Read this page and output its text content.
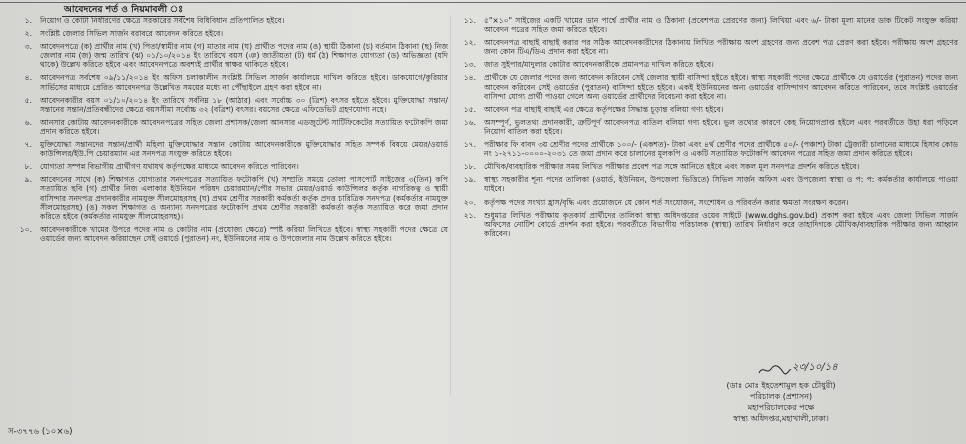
আবেদনের শর্ত ও নিয়মাবলী ঃ
১.	নিয়োগ ও কোটা নির্ধারণের ক্ষেত্রে সরকারের সর্বশেষ বিধিবিধান প্রতিপালিত হইবে।
২.	সংশ্লিষ্ট জেলার সিভিল সার্জন বরাবরে আবেদন করিতে হইবে।
৩.	আবেদনপত্রে (ক) প্রার্থীর নাম (খ) পিতা/স্বামীর নাম (গ) মাতার নাম (ঘ) প্রার্থীত পদের নাম (ঙ) স্থায়ী ঠিকানা (চ) বর্তমান ঠিকানা (ছ) নিজ জেলার নাম (জ) জন্ম তারিখ (ঝ) ০১/১০/২০১৪ ইং তারিখে বয়স (ঞ) জাতীয়তা (ট) ধর্ম (ঠ) শিক্ষাগত যোগ্যতা (ড) অভিজ্ঞতা (যদি থাকে) উল্লেখ করিতে হইবে এবং আবেদনপত্রে অবশ্যই প্রার্থীর স্বাক্ষর থাকিতে হইবে।
৪.	আবেদনপত্র সর্বশেষ ০৯/১১/২০১৪ ইং অফিস চলাকালীন সংশ্লিষ্ট সিভিল সার্জন কার্যালয়ে দাখিল করিতে হইবে। ডাকযোগে/কুরিয়ার সার্ভিসের মাধ্যমে প্রেরিত আবেদনপত্র উল্লেখিত সময়ের মধ্যে না পৌঁছাইলে গ্রহণ করা হইবে না।
৫.	আবেদনকারীর বয়স ০১/১০/২০১৪ ইং তারিখে সর্বনিম্ন ১৮ (আঠার) এবং সর্বোচ্চ ৩০ (ত্রিশ) বৎসর হইতে হইবে। মুক্তিযোদ্ধা সন্তান/সন্তানের সন্তান/প্রতিবন্ধীদের ক্ষেত্রে বয়সসীমা সর্বোচ্চ ৩২ (বত্রিশ) বৎসর। বয়সের ক্ষেত্রে এফিডেভিট গ্রহণযোগ্য নহে।
৬.	আনসার কোটায় আবেদনকারীকে আবেদনপত্রের সহিত জেলা প্রশাসক/জেলা আনসার এডজুটেন্ট সার্টিফিকেটের সত্যায়িত ফটোকপি জমা প্রদান করিতে হইবে।
৭.	মুক্তিযোদ্ধা সন্তানদের সন্তান/প্রার্থী মহিলা মুক্তিযোদ্ধার সন্তান কোটায় আবেদনকারীকে মুক্তিযোদ্ধার সহিত সম্পর্ক বিষয়ে মেয়র/ওয়ার্ড কাউন্সিলর/ইউ.পি চেয়ারম্যান এর সনদপত্র সংযুক্ত করিতে হইবে।
৮.	যোগ্যতা সম্পন্ন বিভাগীয় প্রার্থীগণ যথাযথ কর্তৃপক্ষের মাধ্যমে আবেদন করিতে পারিবেন।
৯.	আবেদনের সাথে (ক) শিক্ষাগত যোগ্যতার সনদপত্রের সত্যায়িত ফটোকপি (খ) সম্প্রতি সময়ে তোলা পাসপোর্ট সাইজের ৩(তিন) কপি সত্যায়িত ছবি (গ) প্রার্থীর নিজ এলাকার ইউনিয়ন পরিষদ চেয়ারম্যান/পৌর সভার মেয়র/ওয়ার্ড কাউন্সিলর কর্তৃক নাগরিকত্ব ও স্থায়ী বাসিন্দার সনদপত্র প্রদানকারীর নামযুক্ত সীলমোহরসহ (ঘ) প্রথম শ্রেণীর সরকারী কর্মকর্তা কর্তৃক প্রদত্ত চারিত্রিক সনদপত্র (কর্মকর্তার নামযুক্ত সীলমোহরসহ) (ঙ) সকল শিক্ষাগত ও অন্যান্য সনদপত্রের ফটোকপি প্রথম শ্রেণীর সরকারী কর্মকর্তা কর্তৃক সত্যায়িত করে জমা প্রদান করিতে হইবে (কর্মকর্তার নামযুক্ত সীলমোহরসহ)।
১০.	আবেদনকারীকে খামের উপরে পদের নাম ও কোটার নাম (প্রযোজ্য ক্ষেত্রে) স্পষ্ট করিয়া লিখিতে হইবে। স্বাস্থ্য সহকারী পদের ক্ষেত্রে যে ওয়ার্ডের জন্য আবেদন করিয়াছেন সেই ওয়ার্ডে (পুরাতন) নং, ইউনিয়নের নাম ও উপজেলার নাম উল্লেখ করিতে হইবে।
১১.	৫"×১০" সাইজের একটি খামের ডান পার্শ্বে প্রার্থীর নাম ও ঠিকানা (প্রবেশপত্র প্রেরণের জন্য) লিখিয়া এবং ৬/- টাকা মূল্য মানের ডাক টিকেট সংযুক্ত করিয়া আবেদন পত্রের সহিত জমা করিতে হইবে।
১২.	আবেদনপত্র বাছাই বাছাই করার পর সঠিক আবেদনকারীদের ঠিকানায় লিখিত পরীক্ষায় অংশ গ্রহণের জন্য প্রবেশ পত্র প্রেরণ করা হইবে। পরীক্ষায় অংশ গ্রহণের জন্য কোন টিএ/ডিএ প্রদান করা হইবে না।
১৩.	জাত সুইপার/মাদুলার কোটার আবেদনকারীকে প্রমানপত্র দাখিল করিতে হইবে।
১৪.	প্রার্থীকে যে জেলার পদের জন্য আবেদন করিবেন সেই জেলার স্থায়ী বাসিন্দা হইতে হইবে। স্বাস্থ্য সহকারী পদের ক্ষেত্রে প্রার্থীকে যে ওয়ার্ডের (পুরাতন) পদের জন্য আবেদন করিবেন সেই ওয়ার্ডের (পুরাতন) বাসিন্দা হইতে হইবে। একই ইউনিয়নের অন্য ওয়ার্ডের বাসিন্দাগণ আবেদন করিতে পারিবেন, তবে সংশ্লিষ্ট ওয়ার্ডের বাসিন্দা যোগ্য প্রার্থী পাওয়া গেলে অন্য ওয়ার্ডের প্রার্থীদের বিবেচনা করা হইবে না।
১৫.	আবেদন পত্র বাছাই বাছাই এর ক্ষেত্রে কর্তৃপক্ষের সিদ্ধান্ত চূড়ান্ত বলিয়া গণ্য হইবে।
১৬.	অসম্পূর্ণ, ভুলতথ্য প্রদানকারী, ত্রুটিপূর্ণ আবেদনপত্র বাতিল বলিয়া গণ্য হইবে। ভুল তথ্যের কারণে কেহ নিয়োগপ্রাপ্ত হইলে এবং পরবর্তীতে উহা ধরা পড়িলে নিয়োগ বাতিল করা হইবে।
১৭.	পরীক্ষার ফি বাবদ ৩য় শ্রেণীর পদের প্রার্থীকে ১০০/- (একশত)- টাকা এবং ৪র্থ শ্রেণীর পদের প্রার্থীকে ৫০/- (পঞ্চাশ) টাকা ট্রেজারী চালানের মাধ্যমে হিসাব কোড নং ১-২৭১১-০০০০-২০৩১ তে জমা প্রদান করে চালানের মূলকপি ও একটি সত্যায়িত ফটোকপি আবেদন পত্রের সহিত জমা প্রদান করিতে হইবে।
১৮.	মৌখিক/ব্যবহারিক পরীক্ষার সময় লিখিত পরীক্ষার প্রবেশ পত্র সঙ্গে আনিতে হইবে এবং সকল মূল সনদপত্র প্রদর্শন করিতে হইবে।
১৯.	স্বাস্থ্য সহকারীর শূন্য পদের তালিকা (ওয়ার্ড, ইউনিয়ন, উপজেলা ভিত্তিতে) সিভিল সার্জন অফিস এবং উপজেলা স্বাস্থ্য ও প: প: কর্মকর্তার কার্যালয়ে পাওয়া যাইবে।
২০.	কর্তৃপক্ষ পদের সংখ্যা হ্রাস/বৃদ্ধি এবং প্রয়োজনে যে কোন শর্ত সংযোজন, সংশোধন ও পরিবর্তন করার ক্ষমতা সংরক্ষণ করেন।
২১.	শুধুমাত্র লিখিত পরীক্ষায় কৃতকার্য প্রার্থীদের তালিকা স্বাস্থ্য অধিদপ্তরের ওয়েব সাইটে (www.dghs.gov.bd) প্রকাশ করা হইবে এবং জেলা সিভিল সার্জন অফিসের নোটিশ বোর্ডে প্রদর্শন করা হইবে। পরবর্তীতে বিভাগীয় পরিচালক (স্বাস্থ্য) তারিখ নির্ধারণ করে তাহাদিগকে মৌখিক/ব্যবহারিক পরীক্ষার জন্য আহ্বান করিবেন।
২৩/১০/১৪
(ডাঃ মোঃ ইহতেশামুল হক চৌধুরী)
পরিচালক (প্রশাসন)
মহাপরিচালকের পক্ষে
স্বাস্থ্য অধিদপ্তর,মহাখালী,ঢাকা।
স-৩৭৭৬ (১০×৬)
